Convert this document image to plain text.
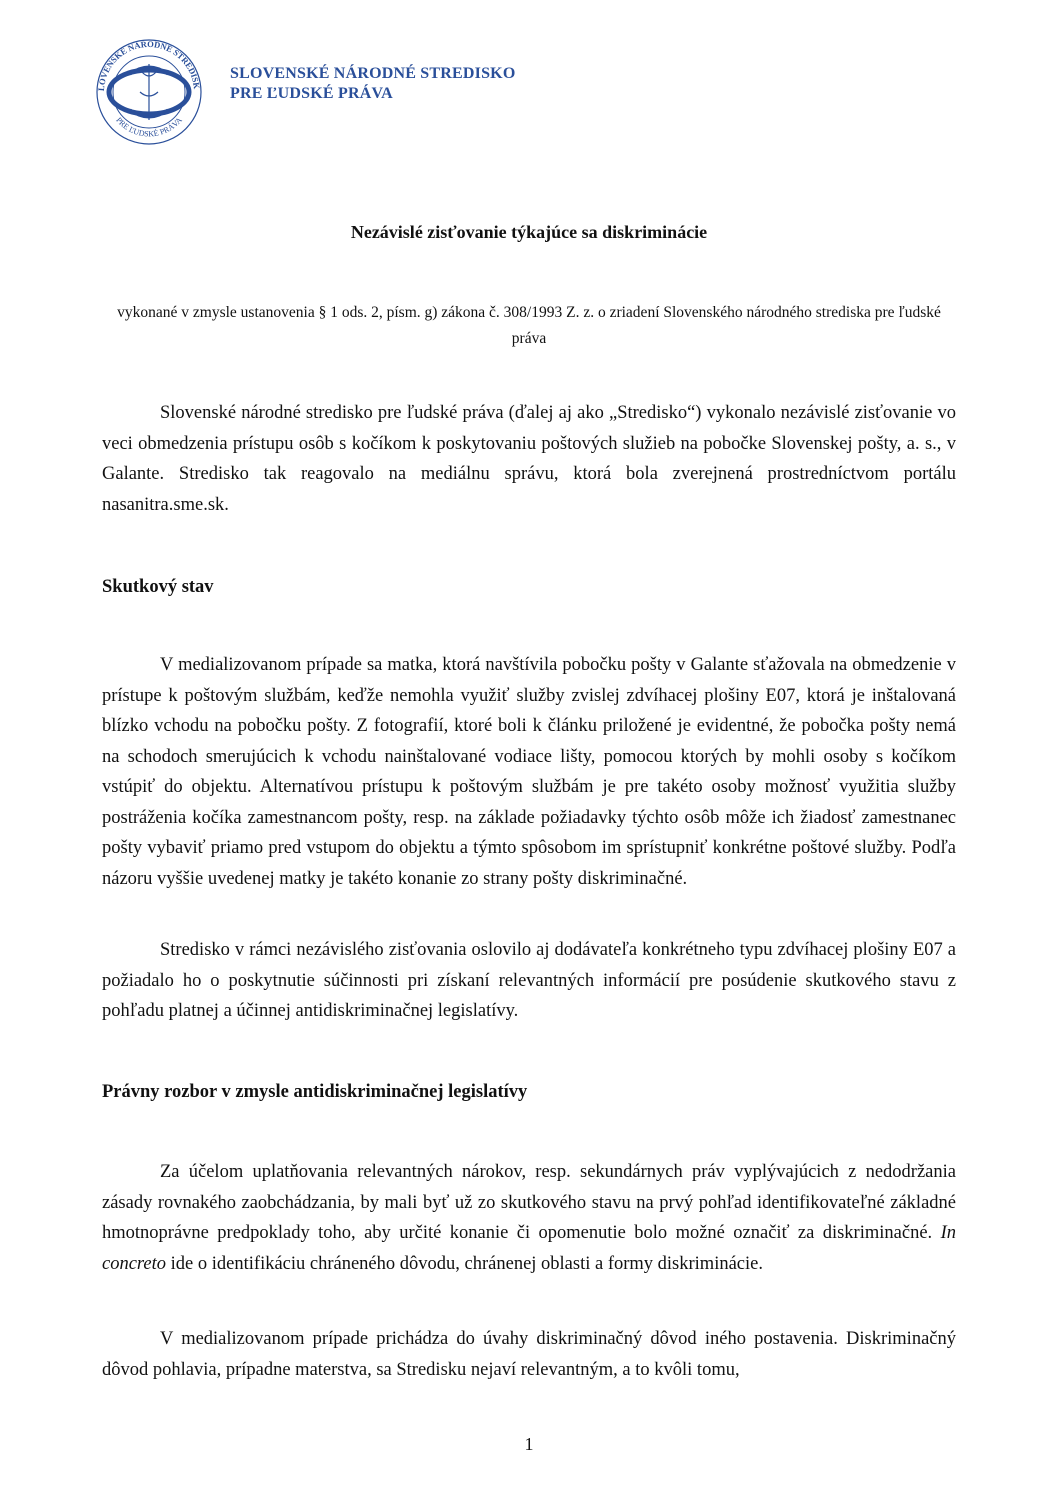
LOVENSKÉ NÁRODNÉ STREDISK
PRE ĽUDSKÉ PRÁVA
SLOVENSKÉ NÁRODNÉ STREDISKO
PRE ĽUDSKÉ PRÁVA
Nezávislé zisťovanie týkajúce sa diskriminácie
vykonané v zmysle ustanovenia § 1 ods. 2, písm. g) zákona č. 308/1993 Z. z. o zriadení Slovenského národného strediska pre ľudské práva
Slovenské národné stredisko pre ľudské práva (ďalej aj ako „Stredisko“) vykonalo nezávislé zisťovanie vo veci obmedzenia prístupu osôb s kočíkom k poskytovaniu poštových služieb na pobočke Slovenskej pošty, a. s., v Galante. Stredisko tak reagovalo na mediálnu správu, ktorá bola zverejnená prostredníctvom portálu nasanitra.sme.sk.
Skutkový stav
V medializovanom prípade sa matka, ktorá navštívila pobočku pošty v Galante sťažovala na obmedzenie v prístupe k poštovým službám, keďže nemohla využiť služby zvislej zdvíhacej plošiny E07, ktorá je inštalovaná blízko vchodu na pobočku pošty. Z fotografií, ktoré boli k článku priložené je evidentné, že pobočka pošty nemá na schodoch smerujúcich k vchodu nainštalované vodiace lišty, pomocou ktorých by mohli osoby s kočíkom vstúpiť do objektu. Alternatívou prístupu k poštovým službám je pre takéto osoby možnosť využitia služby postráženia kočíka zamestnancom pošty, resp. na základe požiadavky týchto osôb môže ich žiadosť zamestnanec pošty vybaviť priamo pred vstupom do objektu a týmto spôsobom im sprístupniť konkrétne poštové služby. Podľa názoru vyššie uvedenej matky je takéto konanie zo strany pošty diskriminačné.
Stredisko v rámci nezávislého zisťovania oslovilo aj dodávateľa konkrétneho typu zdvíhacej plošiny E07 a požiadalo ho o poskytnutie súčinnosti pri získaní relevantných informácií pre posúdenie skutkového stavu z pohľadu platnej a účinnej antidiskriminačnej legislatívy.
Právny rozbor v zmysle antidiskriminačnej legislatívy
Za účelom uplatňovania relevantných nárokov, resp. sekundárnych práv vyplývajúcich z nedodržania zásady rovnakého zaobchádzania, by mali byť už zo skutkového stavu na prvý pohľad identifikovateľné základné hmotnoprávne predpoklady toho, aby určité konanie či opomenutie bolo možné označiť za diskriminačné. In concreto ide o identifikáciu chráneného dôvodu, chránenej oblasti a formy diskriminácie.
V medializovanom prípade prichádza do úvahy diskriminačný dôvod iného postavenia. Diskriminačný dôvod pohlavia, prípadne materstva, sa Stredisku nejaví relevantným, a to kvôli tomu,
1
